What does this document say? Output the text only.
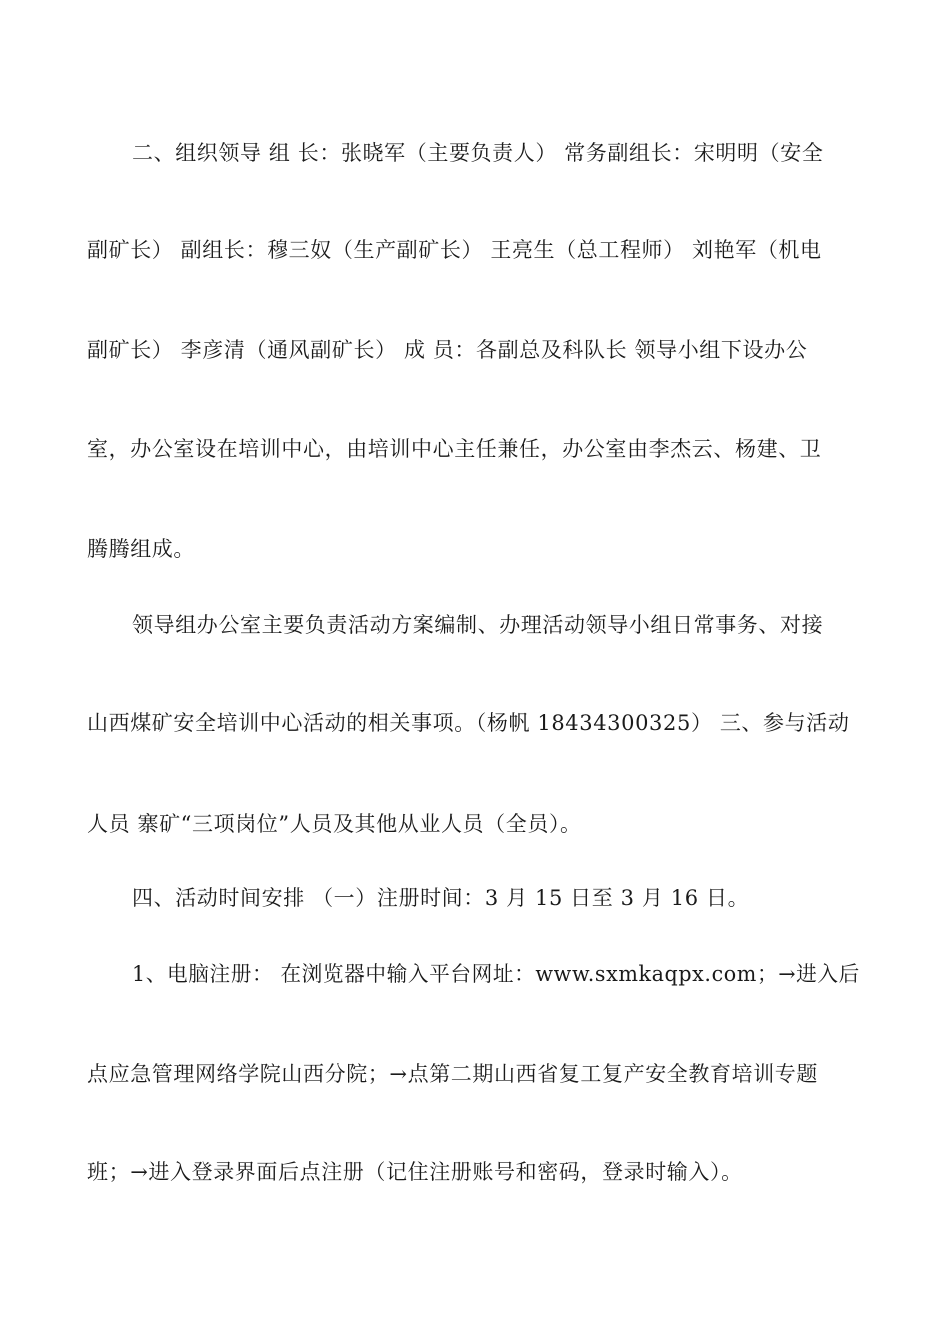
二、组织领导 组 长：张晓军（主要负责人） 常务副组长：宋明明（安全
副矿长） 副组长：穆三奴（生产副矿长） 王亮生（总工程师） 刘艳军（机电
副矿长） 李彦清（通风副矿长） 成 员：各副总及科队长 领导小组下设办公
室，办公室设在培训中心，由培训中心主任兼任，办公室由李杰云、杨建、卫
腾腾组成。
领导组办公室主要负责活动方案编制、办理活动领导小组日常事务、对接
山西煤矿安全培训中心活动的相关事项。（杨帆 18434300325） 三、参与活动
人员 寨矿“三项岗位”人员及其他从业人员（全员）。
四、活动时间安排 （一）注册时间：3 月 15 日至 3 月 16 日。
1、电脑注册： 在浏览器中输入平台网址：www.sxmkaqpx.com；→进入后
点应急管理网络学院山西分院；→点第二期山西省复工复产安全教育培训专题
班；→进入登录界面后点注册（记住注册账号和密码，登录时输入）。
